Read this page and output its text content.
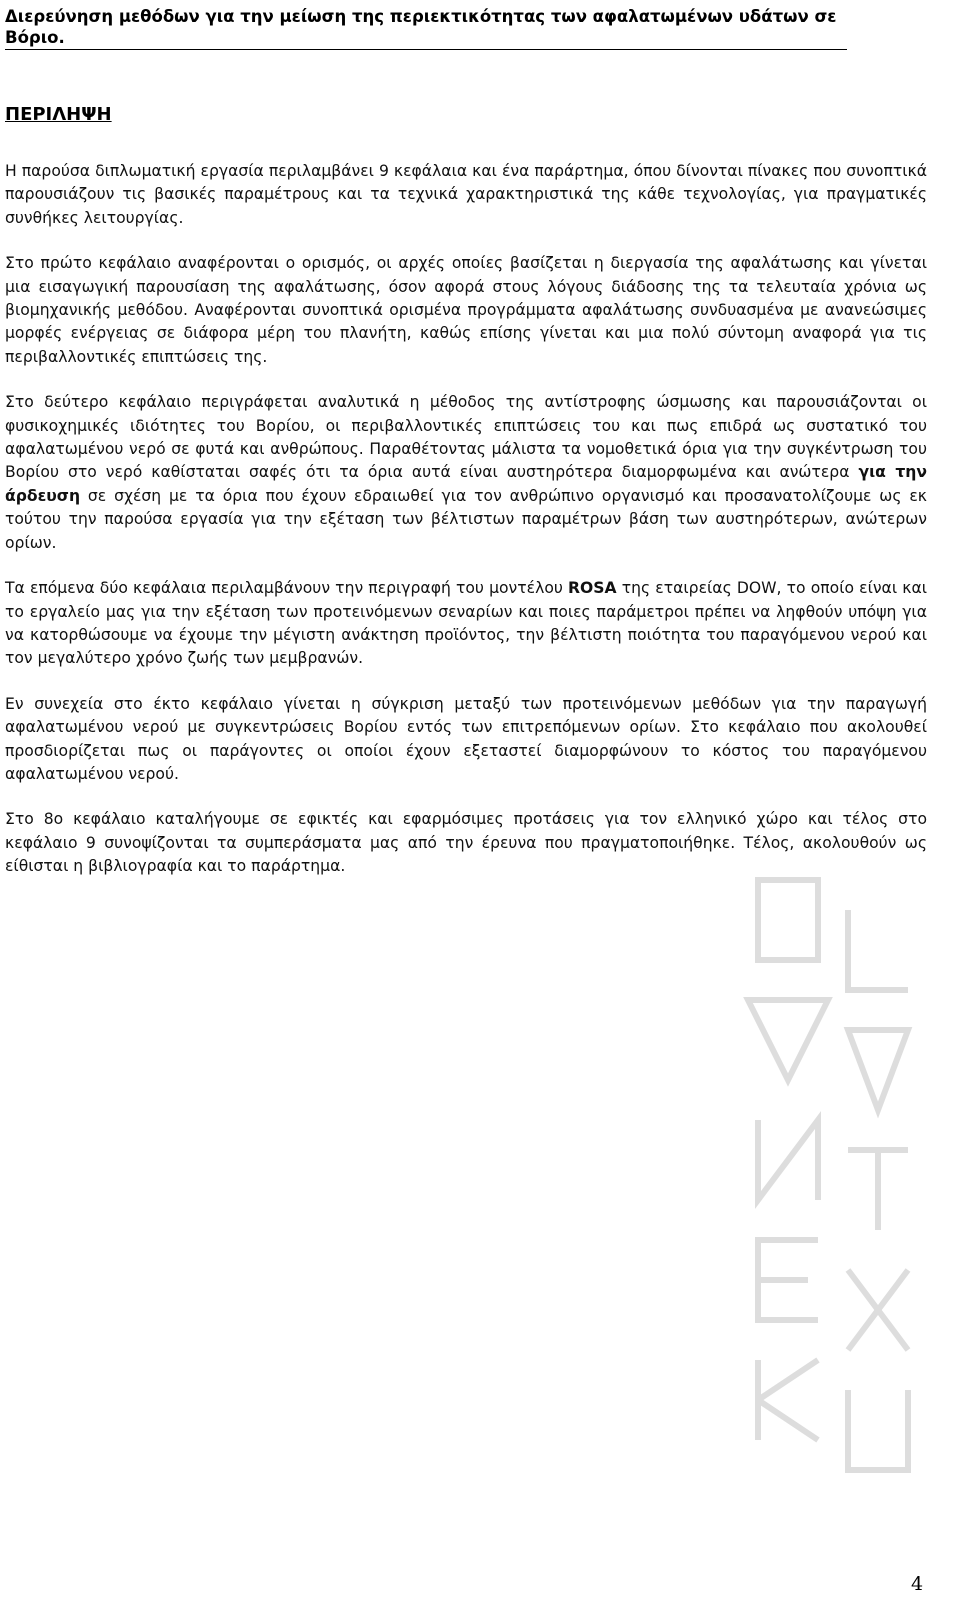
Διερεύνηση μεθόδων για την μείωση της περιεκτικότητας των αφαλατωμένων υδάτων σε Βόριο.
ΠΕΡΙΛΗΨΗ

Η παρούσα διπλωματική εργασία περιλαμβάνει 9 κεφάλαια και ένα παράρτημα, όπου δίνονται πίνακες που συνοπτικά παρουσιάζουν τις βασικές παραμέτρους και τα τεχνικά χαρακτηριστικά της κάθε τεχνολογίας, για πραγματικές συνθήκες λειτουργίας.

Στο πρώτο κεφάλαιο αναφέρονται ο ορισμός, οι αρχές οποίες βασίζεται η διεργασία της αφαλάτωσης και γίνεται μια εισαγωγική παρουσίαση της αφαλάτωσης, όσον αφορά στους λόγους διάδοσης της τα τελευταία χρόνια ως βιομηχανικής μεθόδου. Αναφέρονται συνοπτικά ορισμένα προγράμματα αφαλάτωσης συνδυασμένα με ανανεώσιμες μορφές ενέργειας σε διάφορα μέρη του πλανήτη, καθώς επίσης γίνεται και μια πολύ σύντομη αναφορά για τις περιβαλλοντικές επιπτώσεις της.

Στο δεύτερο κεφάλαιο περιγράφεται αναλυτικά η μέθοδος της αντίστροφης ώσμωσης και παρουσιάζονται οι φυσικοχημικές ιδιότητες του Βορίου, οι περιβαλλοντικές επιπτώσεις του και πως επιδρά ως συστατικό του αφαλατωμένου νερό σε φυτά και ανθρώπους. Παραθέτοντας μάλιστα τα νομοθετικά όρια για την συγκέντρωση του Βορίου στο νερό καθίσταται σαφές ότι τα όρια αυτά είναι αυστηρότερα διαμορφωμένα και ανώτερα για την άρδευση σε σχέση με τα όρια που έχουν εδραιωθεί για τον ανθρώπινο οργανισμό και προσανατολίζουμε ως εκ τούτου την παρούσα εργασία για την εξέταση των βέλτιστων παραμέτρων βάση των αυστηρότερων, ανώτερων ορίων.

Τα επόμενα δύο κεφάλαια περιλαμβάνουν την περιγραφή του μοντέλου ROSA της εταιρείας DOW, το οποίο είναι και το εργαλείο μας για την εξέταση των προτεινόμενων σεναρίων και ποιες παράμετροι πρέπει να ληφθούν υπόψη για να κατορθώσουμε να έχουμε την μέγιστη ανάκτηση προϊόντος, την βέλτιστη ποιότητα του παραγόμενου νερού και τον μεγαλύτερο χρόνο ζωής των μεμβρανών.

Εν συνεχεία στο έκτο κεφάλαιο γίνεται η σύγκριση μεταξύ των προτεινόμενων μεθόδων για την παραγωγή αφαλατωμένου νερού με συγκεντρώσεις Βορίου εντός των επιτρεπόμενων ορίων. Στο κεφάλαιο που ακολουθεί προσδιορίζεται πως οι παράγοντες οι οποίοι έχουν εξεταστεί διαμορφώνουν το κόστος του παραγόμενου αφαλατωμένου νερού.

Στο 8ο κεφάλαιο καταλήγουμε σε εφικτές και εφαρμόσιμες προτάσεις για τον ελληνικό χώρο και τέλος στο κεφάλαιο 9 συνοψίζονται τα συμπεράσματα μας από την έρευνα που πραγματοποιήθηκε. Τέλος, ακολουθούν ως είθισται η βιβλιογραφία και το παράρτημα.

4
